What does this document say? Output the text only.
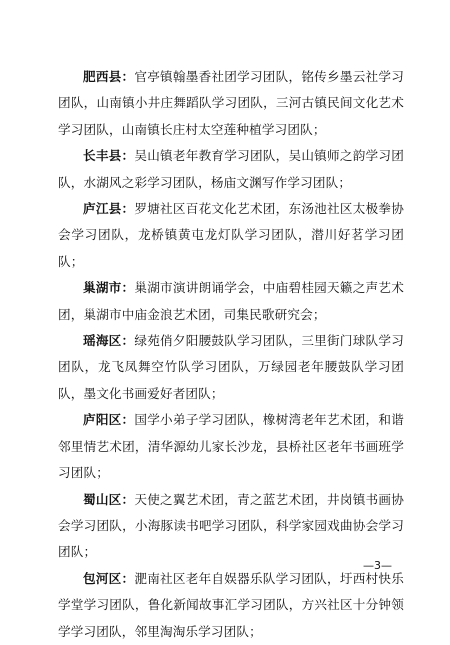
肥西县：官亭镇翰墨香社团学习团队，铭传乡墨云社学习团队，山南镇小井庄舞蹈队学习团队，三河古镇民间文化艺术学习团队，山南镇长庄村太空莲种植学习团队；

长丰县：吴山镇老年教育学习团队，吴山镇师之韵学习团队，水湖风之彩学习团队，杨庙文渊写作学习团队；

庐江县：罗塘社区百花文化艺术团，东汤池社区太极拳协会学习团队，龙桥镇黄屯龙灯队学习团队，潜川好茗学习团队；

巢湖市：巢湖市演讲朗诵学会，中庙碧桂园天籁之声艺术团，巢湖市中庙金浪艺术团，司集民歌研究会；

瑶海区：绿苑俏夕阳腰鼓队学习团队，三里街门球队学习团队，龙飞凤舞空竹队学习团队，万绿园老年腰鼓队学习团队，墨文化书画爱好者团队；

庐阳区：国学小弟子学习团队，橡树湾老年艺术团，和谐邻里情艺术团，清华源幼儿家长沙龙，县桥社区老年书画班学习团队；

蜀山区：天使之翼艺术团，青之蓝艺术团，井岗镇书画协会学习团队，小海豚读书吧学习团队，科学家园戏曲协会学习团队；

包河区：淝南社区老年自娱器乐队学习团队，圩西村快乐学堂学习团队，鲁化新闻故事汇学习团队，方兴社区十分钟领学学习团队，邻里淘淘乐学习团队；

—3—
